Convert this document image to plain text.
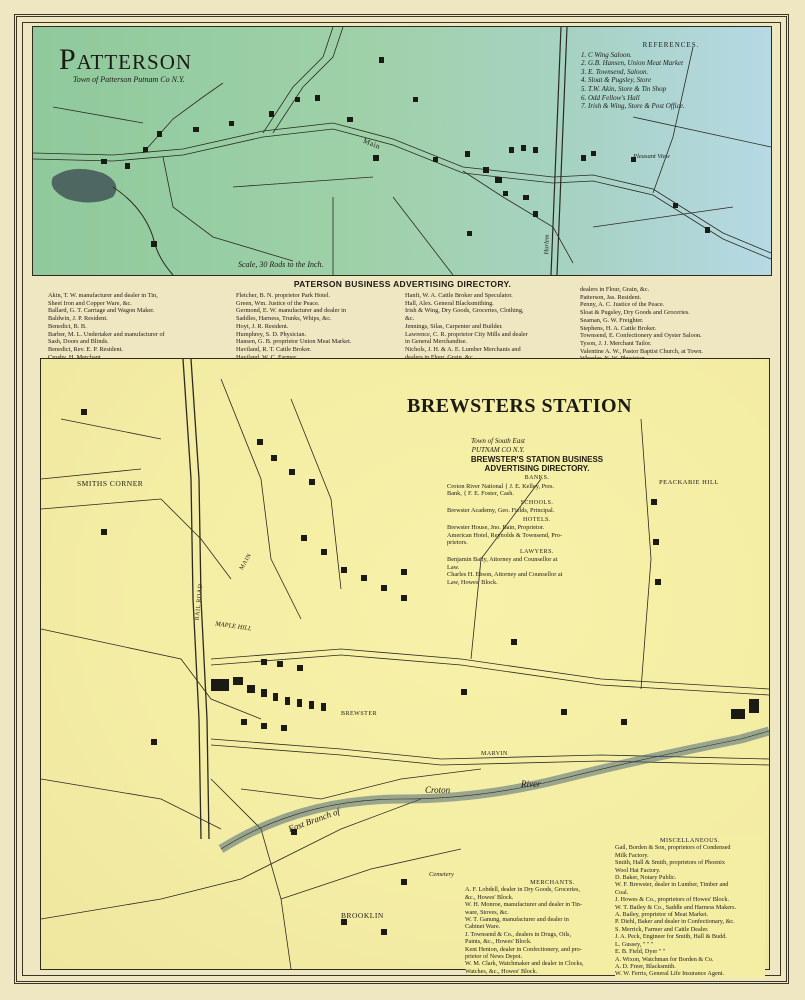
Patterson
Town of Patterson Putnam Co N.Y.
Main
Harlem
Pleasant View
REFERENCES.
1. C Wing Saloon.
2. G.B. Hansen, Union Meat Market
3. E. Townsend, Saloon.
4. Sloat & Pugsley, Store
5. T.W. Akin, Store & Tin Shop
6. Odd Fellow's Hall
7. Irish & Wing, Store & Post Office.
Scale, 30 Rods to the Inch.
PATERSON BUSINESS ADVERTISING DIRECTORY.
Akin, T. W. manufacturer and dealer in Tin,
Sheet Iron and Copper Ware, &c.
Ballard, G. T. Carriage and Wagon Maker.
Baldwin, J. P. Resident.
Benedict, B. B.
Barber, M. L. Undertaker and manufacturer of
Sash, Doors and Blinds.
Benedict, Rev. E. P. Resident.
Fletcher, B. N. proprietor Park Hotel.
Green, Wm. Justice of the Peace.
Germond, E. W. manufacturer and dealer in
Saddles, Harness, Trunks, Whips, &c.
Hoyt, J. R. Resident.
Humphrey, S. D. Physician.
Hansen, G. B. proprietor Union Meat Market.
Haviland, R. T. Cattle Broker.
Hanft, W. A. Cattle Broker and Speculator.
Hall, Alex. General Blacksmithing.
Irish & Wing, Dry Goods, Groceries, Clothing,
&c.
Jennings, Silas, Carpenter and Builder.
Lawrence, C. R. proprietor City Mills and dealer
in General Merchandise.
Nichols, J. H. & A. E. Lumber Merchants and
dealers in Flour, Grain, &c.
Patterson, Jas. Resident.
Penny, A. C. Justice of the Peace.
Sloat & Pugsley, Dry Goods and Groceries.
Seaman, G. W. Freighter.
Stephens, H. A. Cattle Broker.
Townsend, E. Confectionery and Oyster Saloon.
Tyson, J. J. Merchant Tailor.
Valentine A. W., Pastor Baptist Church, at Town.
BREWSTERS STATION
Town of South East
PUTNAM CO N.Y.
BREWSTER'S STATION BUSINESS ADVERTISING DIRECTORY.
BANKS.
Croton River National { J. E. Kelley, Pres.
Bank, { F. E. Foster, Cash.
SCHOOLS.
Brewster Academy, Geo. Fields, Principal.
HOTELS.
Brewster House, Jno. Bain, Proprietor.
American Hotel, Reynolds & Townsend, Pro-
prietors.
LAWYERS.
Benjamin Baily, Attorney and Counsellor at
Law.
Charles H. Ebson, Attorney and Counsellor at
Law, Howes' Block.
SMITHS CORNER	PEACKABIE HILL
BROOKLIN
MAPLE HILL
MARVIN
Croton
River
East Branch of
Cemetery
RAIL ROAD
MAIN
BREWSTER
MERCHANTS.
A. F. Lobdell, dealer in Dry Goods, Groceries,
&c., Howes' Block.
W. H. Monroe, manufacturer and dealer in Tin-
ware, Stoves, &c.
W. T. Ganung, manufacturer and dealer in
Cabinet Ware.
J. Townsend & Co., dealers in Drugs, Oils,
Paints, &c., Howes' Block.
Kent Henion, dealer in Confectionery, and pro-
prietor of News Depot.
W. M. Clark, Watchmaker and dealer in Clocks,
Watches, &c., Howes' Block.
MISCELLANEOUS.
Gail, Borden & Son, proprietors of Condensed
Milk Factory.
Smith, Hall & Smith, proprietors of Phoenix
Wool Hat Factory.
D. Baker, Notary Public.
W. F. Brewster, dealer in Lumber, Timber and
Coal.
J. Howes & Co., proprietors of Howes' Block.
W. T. Bailey & Co., Saddle and Harness Makers.
A. Bailey, proprietor of Meat Market.
P. Diehl, Baker and dealer in Confectionary, &c.
S. Merrick, Farmer and Cattle Dealer.
J. A. Peck, Engineer for Smith, Hall & Budd.
L. Gussey, " " "
E. B. Field, Dyer " "
A. Wixon, Watchman for Borden & Co.
A. D. Freer, Blacksmith.
W. W. Ferris, General Life Insurance Agent.
